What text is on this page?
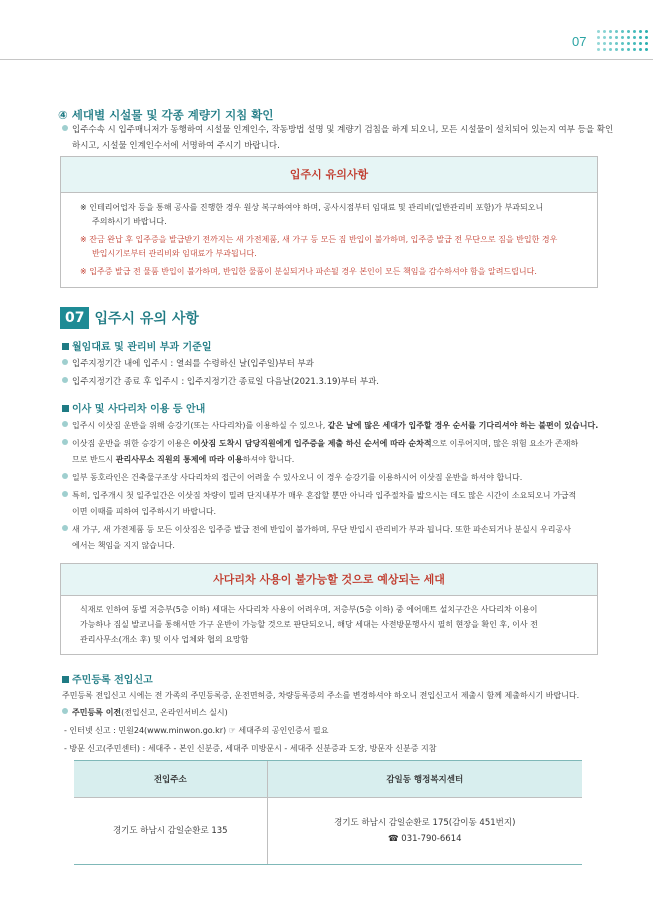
07
④ 세대별 시설물 및 각종 계량기 지침 확인
입주수속 시 입주매니저가 동행하여 시설물 인계인수, 작동방법 설명 및 계량기 검침을 하게 되오니, 모든 시설물이 설치되어 있는지 여부 등을 확인
하시고, 시설물 인계인수서에 서명하여 주시기 바랍니다.
입주시 유의사항
※ 인테리어업자 등을 통해 공사를 진행한 경우 원상 복구하여야 하며, 공사시점부터 임대료 및 관리비(일반관리비 포함)가 부과되오니
주의하시기 바랍니다.
※ 잔금 완납 후 입주증을 발급받기 전까지는 새 가전제품, 새 가구 등 모든 짐 반입이 불가하며, 입주증 발급 전 무단으로 짐을 반입한 경우
반입시기로부터 관리비와 임대료가 부과됩니다.
※ 입주증 발급 전 물품 반입이 불가하며, 반입한 물품이 분실되거나 파손될 경우 본인이 모든 책임을 감수하셔야 함을 알려드립니다.
07 입주시 유의 사항
월임대료 및 관리비 부과 기준일
입주지정기간 내에 입주시 : 열쇠를 수령하신 날(입주일)부터 부과
입주지정기간 종료 후 입주시 : 입주지정기간 종료일 다음날(2021.3.19)부터 부과.
이사 및 사다리차 이용 등 안내
입주시 이삿짐 운반을 위해 승강기(또는 사다리차)를 이용하실 수 있으나, 같은 날에 많은 세대가 입주할 경우 순서를 기다리셔야 하는 불편이 있습니다.
이삿짐 운반을 위한 승강기 이용은 이삿짐 도착시 담당직원에게 입주증을 제출 하신 순서에 따라 순차적으로 이루어지며, 많은 위험 요소가 존재하
므로 반드시 관리사무소 직원의 통제에 따라 이용하셔야 합니다.
일부 동호라인은 건축물구조상 사다리차의 접근이 어려울 수 있사오니 이 경우 승강기를 이용하시어 이삿짐 운반을 하셔야 합니다.
특히, 입주개시 첫 일주일간은 이삿짐 차량이 밀려 단지내부가 매우 혼잡할 뿐만 아니라 입주절차를 밟으시는 데도 많은 시간이 소요되오니 가급적
이면 이때를 피하여 입주하시기 바랍니다.
새 가구, 새 가전제품 등 모든 이삿짐은 입주증 발급 전에 반입이 불가하며, 무단 반입시 관리비가 부과 됩니다. 또한 파손되거나 분실시 우리공사
에서는 책임을 지지 않습니다.
사다리차 사용이 불가능할 것으로 예상되는 세대
식재로 인하여 동별 저층부(5층 이하) 세대는 사다리차 사용이 어려우며, 저층부(5층 이하) 중 에어매트 설치구간은 사다리차 이용이
가능하나 짐실 발코니를 통해서만 가구 운반이 가능할 것으로 판단되오니, 해당 세대는 사전방문행사시 필히 현장을 확인 후, 이사 전
관리사무소(개소 후) 및 이사 업체와 협의 요망함
주민등록 전입신고
주민등록 전입신고 시에는 전 가족의 주민등록증, 운전면허증, 차량등록증의 주소를 변경하셔야 하오니 전입신고서 제출시 함께 제출하시기 바랍니다.
주민등록 이전(전입신고, 온라인서비스 실시)
- 인터넷 신고 : 민원24(www.minwon.go.kr) ☞ 세대주의 공인인증서 필요
- 방문 신고(주민센터) : 세대주 - 본인 신분증, 세대주 미방문시 - 세대주 신분증과 도장, 방문자 신분증 지참
전입주소	감일동 행정복지센터
경기도 하남시 감일순환로 135	경기도 하남시 감일순환로 175(감이동 451번지)
☎ 031-790-6614
